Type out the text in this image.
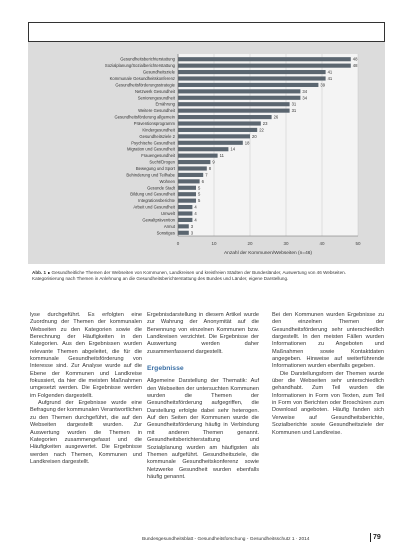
0	10	20	30	40	50
Gesundheitsberichterstattung	48
Sozialplanung/Sozialberichterstattung	48
Gesundheitsziele	41
Kommunale Gesundheitskonferenz	41
Gesundheitsförderungsstrategie	39
Netzwerk Gesundheit	34
Seniorengesundheit	34
Ernährung	31
Weitere Gesundheit	31
Gesundheitsförderung allgemein	26
Präventionsprogramm	23
Kindergesundheit	22
Gesundheitsziele 2	20
Psychische Gesundheit	18
Migration und Gesundheit	14
Frauengesundheit	11
Sucht/Drogen	9
Bewegung und Sport	8
Behinderung und Teilhabe	7
Wohnen	6
Gesunde Stadt	5
Bildung und Gesundheit	5
Integrationsberichte	5
Arbeit und Gesundheit	4
Umwelt	4
Gewaltprävention	4
Armut	3
Sonstiges	3
Anzahl der Kommunen/Webseiten (n=46)
Abb. 1 ∎ Gesundheitliche Themen der Webseiten von Kommunen, Landkreisen und kreisfreien Städten der Bundesländer, Auswertung von 46 Webseiten. Kategorisierung nach Themen in Anlehnung an die Gesundheitsberichterstattung des Bundes und Länder, eigene Darstellung.

lyse durchgeführt. Es erfolgten eine Zuordnung der Themen der kommunalen Webseiten zu den Kategorien sowie die Berechnung der Häufigkeiten in den Kategorien. Aus den Ergebnissen wurden relevante Themen abgeleitet, die für die kommunale Gesundheitsförderung von Interesse sind. Zur Analyse wurde auf die Ebene der Kommunen und Landkreise fokussiert, da hier die meisten Maßnahmen umgesetzt werden. Die Ergebnisse werden im Folgenden dargestellt.

Aufgrund der Ergebnisse wurde eine Befragung der kommunalen Verantwortlichen zu den Themen durchgeführt, die auf den Webseiten dargestellt wurden. Zur Auswertung wurden die Themen in Kategorien zusammengefasst und die Häufigkeiten ausgewertet. Die Ergebnisse werden nach Themen, Kommunen und Landkreisen dargestellt.

Ergebnisdarstellung in diesem Artikel wurde zur Wahrung der Anonymität auf die Benennung von einzelnen Kommunen bzw. Landkreisen verzichtet. Die Ergebnisse der Auswertung werden daher zusammenfassend dargestellt.

Ergebnisse

Allgemeine Darstellung der Thematik: Auf den Webseiten der untersuchten Kommunen wurden die Themen der Gesundheitsförderung aufgegriffen, die Darstellung erfolgte dabei sehr heterogen. Auf den Seiten der Kommunen wurde die Gesundheitsförderung häufig in Verbindung mit anderen Themen genannt. Gesundheitsberichterstattung und Sozialplanung wurden am häufigsten als Themen aufgeführt. Gesundheitsziele, die kommunale Gesundheitskonferenz sowie Netzwerke Gesundheit wurden ebenfalls häufig genannt.

Bei den Kommunen wurden Ergebnisse zu den einzelnen Themen der Gesundheitsförderung sehr unterschiedlich dargestellt. In den meisten Fällen wurden Informationen zu Angeboten und Maßnahmen sowie Kontaktdaten angegeben. Hinweise auf weiterführende Informationen wurden ebenfalls gegeben.

Die Darstellungsform der Themen wurde über die Webseiten sehr unterschiedlich gehandhabt. Zum Teil wurden die Informationen in Form von Texten, zum Teil in Form von Berichten oder Broschüren zum Download angeboten. Häufig fanden sich Verweise auf Gesundheitsberichte, Sozialberichte sowie Gesundheitsziele der Kommunen und Landkreise.

Bundesgesundheitsblatt - Gesundheitsforschung - Gesundheitsschutz 1 · 2014	79
